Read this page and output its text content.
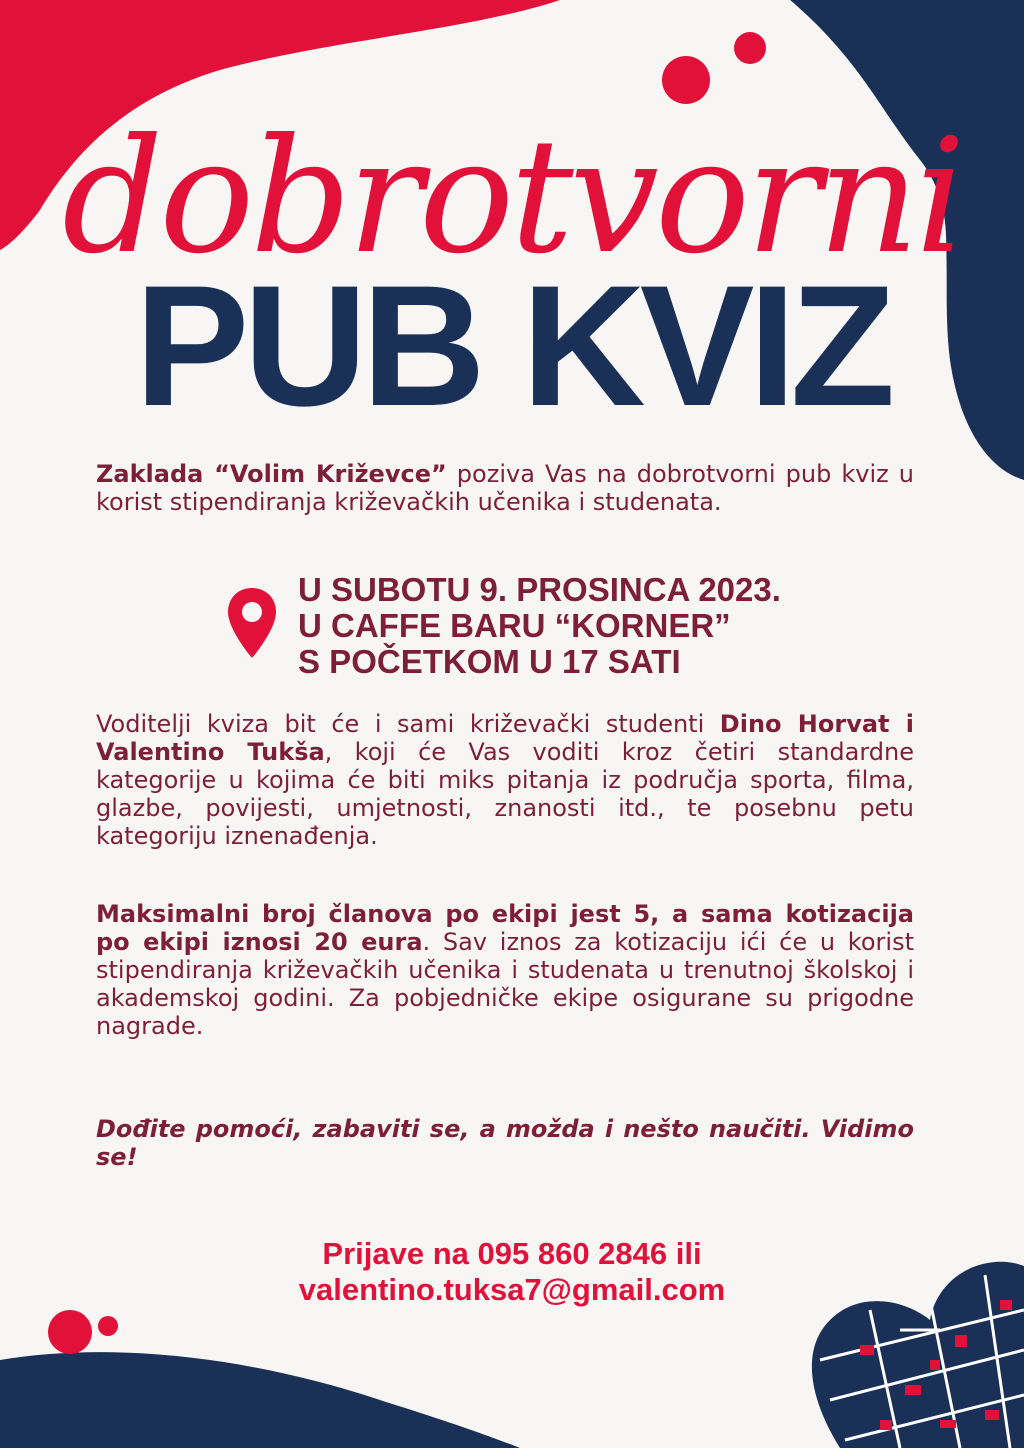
PUB KVIZ
dobrotvorni
Zaklada “Volim Križevce” poziva Vas na dobrotvorni pub kviz u korist stipendiranja križevačkih učenika i studenata.
U SUBOTU 9. PROSINCA 2023.
U CAFFE BARU “KORNER”
S POČETKOM U 17 SATI
Voditelji kviza bit će i sami križevački studenti Dino Horvat i Valentino Tukša, koji će Vas voditi kroz četiri standardne kategorije u kojima će biti miks pitanja iz područja sporta, filma, glazbe, povijesti, umjetnosti, znanosti itd., te posebnu petu kategoriju iznenađenja.
Maksimalni broj članova po ekipi jest 5, a sama kotizacija po ekipi iznosi 20 eura. Sav iznos za kotizaciju ići će u korist stipendiranja križevačkih učenika i studenata u trenutnoj školskoj i akademskoj godini. Za pobjedničke ekipe osigurane su prigodne nagrade.
Dođite pomoći, zabaviti se, a možda i nešto naučiti. Vidimo se!
Prijave na 095 860 2846 ili
valentino.tuksa7@gmail.com
